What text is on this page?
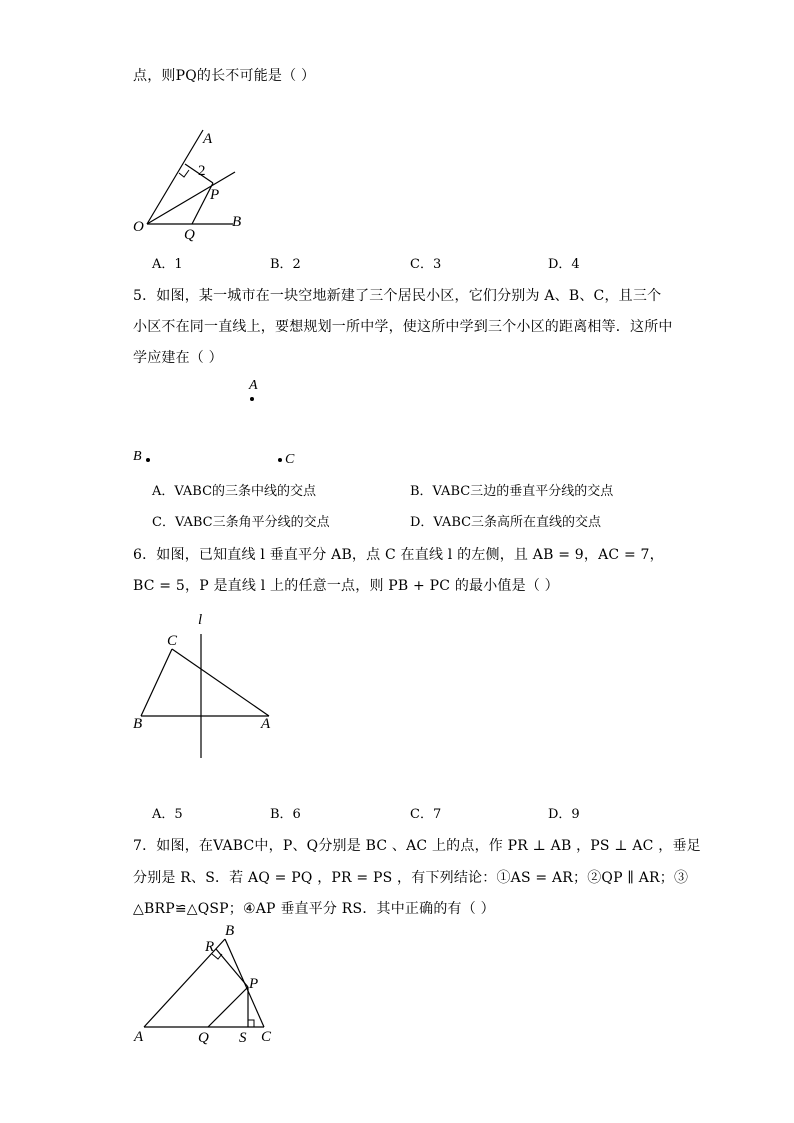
点，则PQ的长不可能是（ ）
A
2
P
O	Q
B
A．1	B．2	C．3	D．4
5．如图，某一城市在一块空地新建了三个居民小区，它们分别为 A、B、C，且三个
小区不在同一直线上，要想规划一所中学，使这所中学到三个小区的距离相等．这所中
学应建在（ ）
A
B	C
A．VABC的三条中线的交点	B．VABC三边的垂直平分线的交点
C．VABC三条角平分线的交点	D．VABC三条高所在直线的交点
6．如图，已知直线 l 垂直平分 AB，点 C 在直线 l 的左侧，且 AB = 9，AC = 7，
BC = 5，P 是直线 l 上的任意一点，则 PB + PC 的最小值是（ ）
l
C
B	A
A．5	B．6	C．7	D．9
7．如图，在VABC中，P、Q分别是 BC 、AC 上的点，作 PR ⊥ AB ，PS ⊥ AC ，垂足
分别是 R、S．若 AQ = PQ ，PR = PS ，有下列结论：①AS = AR；②QP ∥ AR；③
△BRP≌△QSP；④AP 垂直平分 RS．其中正确的有（ ）
B
R
P
A	Q S C
